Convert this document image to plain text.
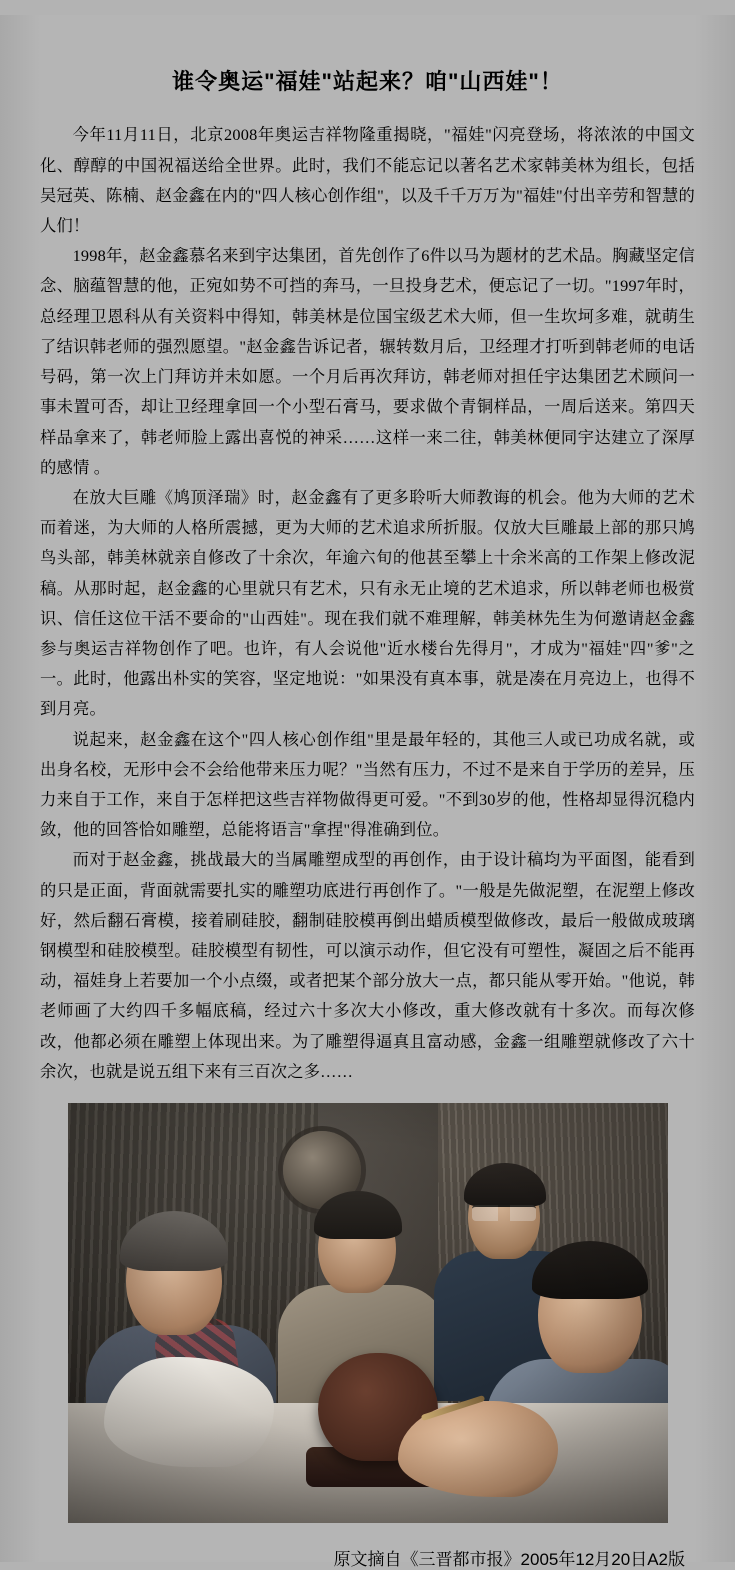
谁令奥运"福娃"站起来？咱"山西娃"！

今年11月11日，北京2008年奥运吉祥物隆重揭晓，"福娃"闪亮登场，将浓浓的中国文化、醇醇的中国祝福送给全世界。此时，我们不能忘记以著名艺术家韩美林为组长，包括吴冠英、陈楠、赵金鑫在内的"四人核心创作组"，以及千千万万为"福娃"付出辛劳和智慧的人们！

1998年，赵金鑫慕名来到宇达集团，首先创作了6件以马为题材的艺术品。胸藏坚定信念、脑蕴智慧的他，正宛如势不可挡的奔马，一旦投身艺术，便忘记了一切。"1997年时，总经理卫恩科从有关资料中得知，韩美林是位国宝级艺术大师，但一生坎坷多难，就萌生了结识韩老师的强烈愿望。"赵金鑫告诉记者，辗转数月后，卫经理才打听到韩老师的电话号码，第一次上门拜访并未如愿。一个月后再次拜访，韩老师对担任宇达集团艺术顾问一事未置可否，却让卫经理拿回一个小型石膏马，要求做个青铜样品，一周后送来。第四天样品拿来了，韩老师脸上露出喜悦的神采……这样一来二往，韩美林便同宇达建立了深厚的感情 。

在放大巨雕《鸠顶泽瑞》时，赵金鑫有了更多聆听大师教诲的机会。他为大师的艺术而着迷，为大师的人格所震撼，更为大师的艺术追求所折服。仅放大巨雕最上部的那只鸠鸟头部，韩美林就亲自修改了十余次，年逾六旬的他甚至攀上十余米高的工作架上修改泥稿。从那时起，赵金鑫的心里就只有艺术，只有永无止境的艺术追求，所以韩老师也极赏识、信任这位干活不要命的"山西娃"。现在我们就不难理解，韩美林先生为何邀请赵金鑫参与奥运吉祥物创作了吧。也许，有人会说他"近水楼台先得月"，才成为"福娃"四"爹"之一。此时，他露出朴实的笑容，坚定地说："如果没有真本事，就是凑在月亮边上，也得不到月亮。

说起来，赵金鑫在这个"四人核心创作组"里是最年轻的，其他三人或已功成名就，或出身名校，无形中会不会给他带来压力呢？"当然有压力，不过不是来自于学历的差异，压力来自于工作，来自于怎样把这些吉祥物做得更可爱。"不到30岁的他，性格却显得沉稳内敛，他的回答恰如雕塑，总能将语言"拿捏"得准确到位。

而对于赵金鑫，挑战最大的当属雕塑成型的再创作，由于设计稿均为平面图，能看到的只是正面，背面就需要扎实的雕塑功底进行再创作了。"一般是先做泥塑，在泥塑上修改好，然后翻石膏模，接着刷硅胶，翻制硅胶模再倒出蜡质模型做修改，最后一般做成玻璃　　钢模型和硅胶模型。硅胶模型有韧性，可以演示动作，但它没有可塑性，凝固之后不能再动，福娃身上若要加一个小点缀，或者把某个部分放大一点，都只能从零开始。"他说，韩老师画了大约四千多幅底稿，经过六十多次大小修改，重大修改就有十多次。而每次修改，他都必须在雕塑上体现出来。为了雕塑得逼真且富动感，金鑫一组雕塑就修改了六十余次，也就是说五组下来有三百次之多……

原文摘自《三晋都市报》2005年12月20日A2版
